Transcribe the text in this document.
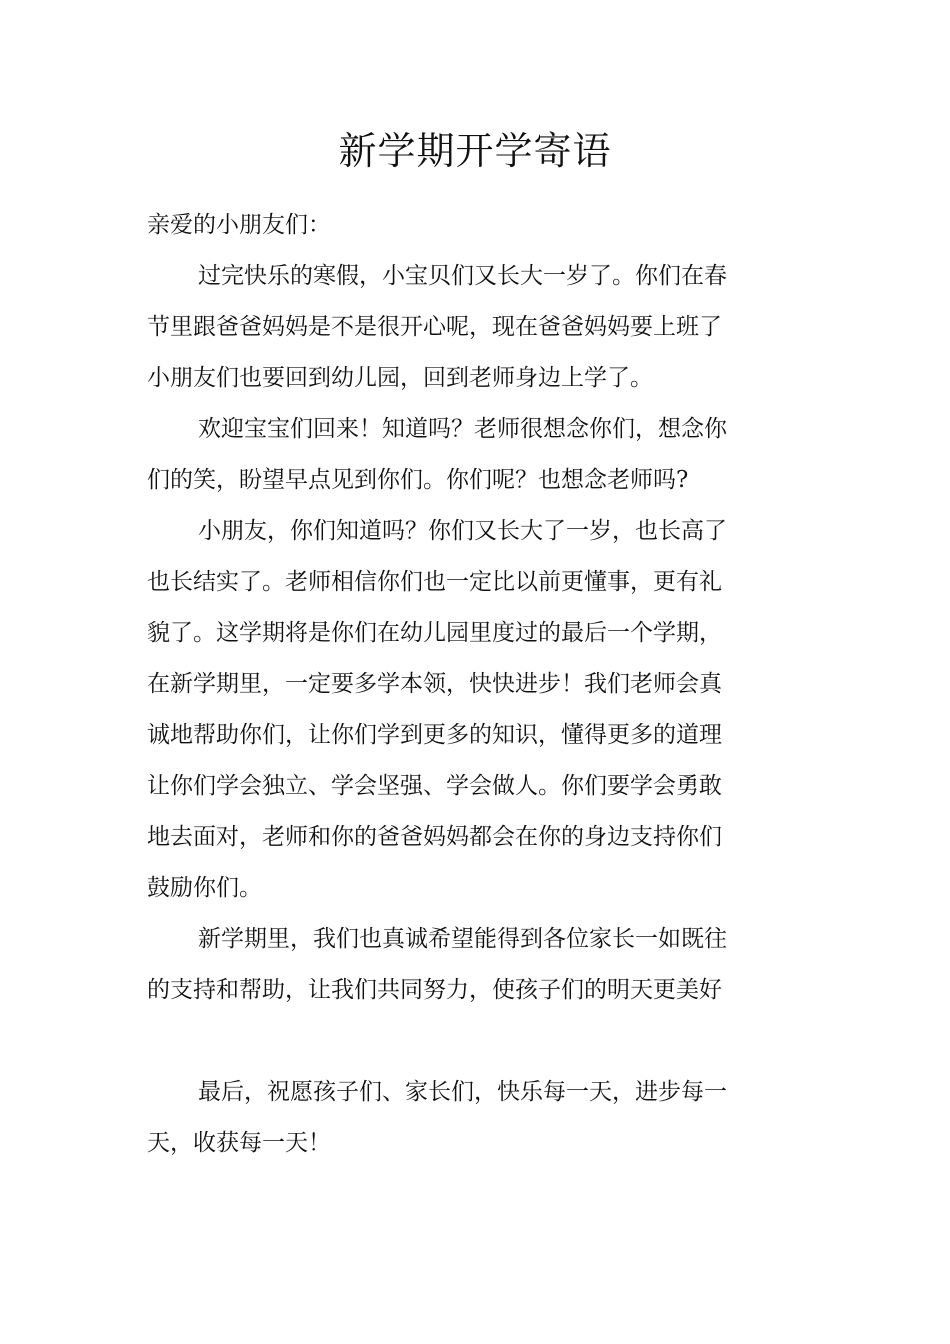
新学期开学寄语

亲爱的小朋友们：

过完快乐的寒假，小宝贝们又长大一岁了。你们在春

节里跟爸爸妈妈是不是很开心呢，现在爸爸妈妈要上班了

小朋友们也要回到幼儿园，回到老师身边上学了。

欢迎宝宝们回来！知道吗？老师很想念你们，想念你

们的笑，盼望早点见到你们。你们呢？也想念老师吗?

小朋友，你们知道吗？你们又长大了一岁，也长高了

也长结实了。老师相信你们也一定比以前更懂事，更有礼

貌了。这学期将是你们在幼儿园里度过的最后一个学期，

在新学期里，一定要多学本领，快快进步！我们老师会真

诚地帮助你们，让你们学到更多的知识，懂得更多的道理

让你们学会独立、学会坚强、学会做人。你们要学会勇敢

地去面对，老师和你的爸爸妈妈都会在你的身边支持你们

鼓励你们。

新学期里，我们也真诚希望能得到各位家长一如既往

的支持和帮助，让我们共同努力，使孩子们的明天更美好

最后，祝愿孩子们、家长们，快乐每一天，进步每一

天，收获每一天！
